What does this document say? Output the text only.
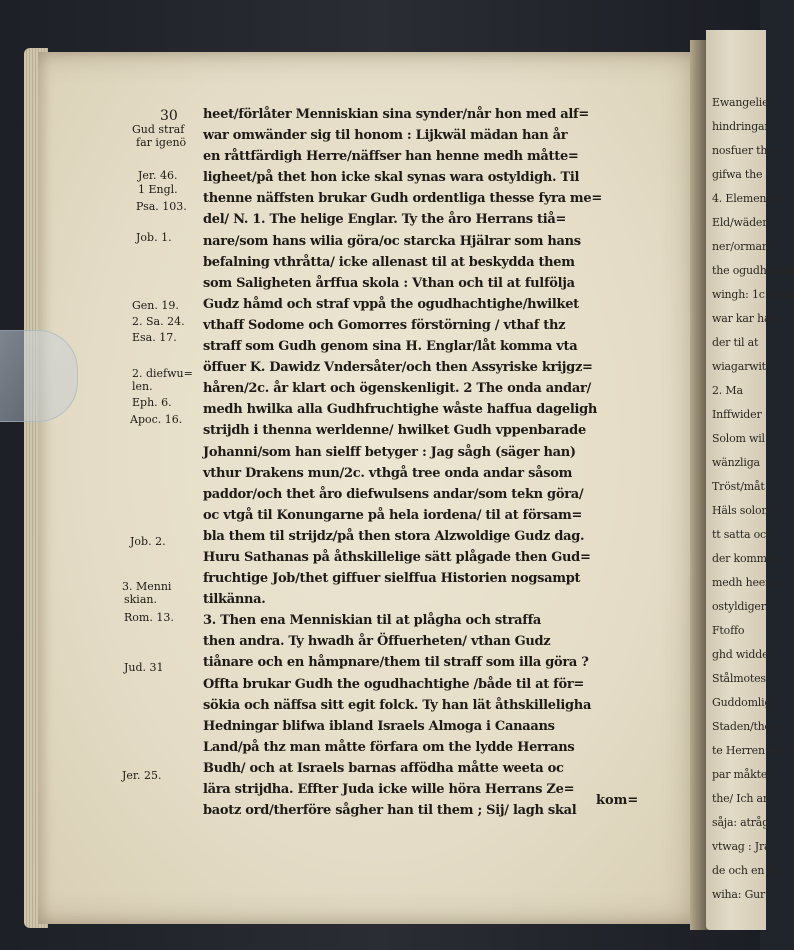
Ewangeliet
hindringar
nosfuer the
gifwa the
4. Elementer
Eld/wäder
ner/ormar/
the ogudhachti
wingh: 1c. Gud
war kar hals
der til at
wiagarwit
2. Ma
Inffwider
Solom wil
wänzliga
Tröst/måt
Häls solom
tt satta och
der kommer.
medh heem
ostyldiger.
Ftoffo
ghd widder
Stålmotes
Guddomlig
Staden/ther
te Herren och
par måkter.
the/ Ich ar
såja: atråg
vtwag : Jra
de och en W
wiha: Gur
30 heet/förlåter Menniskian sina synder/når hon med alf=
war omwänder sig til honom : Lijkwäl mädan han år
en råttfärdigh Herre/näffser han henne medh måtte=
ligheet/på thet hon icke skal synas wara ostyldigh. Til
thenne näffsten brukar Gudh ordentliga thesse fyra me=
del/ N. 1. The helige Englar. Ty the åro Herrans tiå=
nare/som hans wilia göra/oc starcka Hjälrar som hans
befalning vthråtta/ icke allenast til at beskydda them
som Saligheten årffua skola : Vthan och til at fulfölja
Gudz håmd och straf vppå the ogudhachtighe/hwilket
vthaff Sodome och Gomorres förstörning / vthaf thz
straff som Gudh genom sina H. Englar/låt komma vta
öffuer K. Dawidz Vndersåter/och then Assyriske krijgz=
håren/2c. år klart och ögenskenligit. 2 The onda andar/
medh hwilka alla Gudhfruchtighe wåste haffua dageligh
strijdh i thenna werldenne/ hwilket Gudh vppenbarade
Johanni/som han sielff betyger : Jag sågh (säger han)
vthur Drakens mun/2c. vthgå tree onda andar såsom
paddor/och thet åro diefwulsens andar/som tekn göra/
oc vtgå til Konungarne på hela iordena/ til at försam=
bla them til strijdz/på then stora Alzwoldige Gudz dag.
Huru Sathanas på åthskillelige sätt plågade then Gud=
fruchtige Job/thet giffuer sielffua Historien nogsampt
tilkänna.
3. Then ena Menniskian til at plågha och straffa
then andra. Ty hwadh år Öffuerheten/ vthan Gudz
tiånare och en håmpnare/them til straff som illa göra ?
Offta brukar Gudh the ogudhachtighe /både til at för=
sökia och näffsa sitt egit folck. Ty han lät åthskilleligha
Hedningar blifwa ibland Israels Almoga i Canaans
Land/på thz man måtte förfara om the lydde Herrans
Budh/ och at Israels barnas affödha måtte weeta oc
lära strijdha. Effter Juda icke wille höra Herrans Ze=
baotz ord/therföre sågher han til them ; Sij/ lagh skal
Gud straf
far igenö
Jer. 46.
1 Engl.
Psa. 103.
Job. 1.
Gen. 19.
2. Sa. 24.
Esa. 17.
2. diefwu=
len.
Eph. 6.
Apoc. 16.
Job. 2.
3. Menni
skian.
Rom. 13.
Jud. 31
Jer. 25.
kom=
